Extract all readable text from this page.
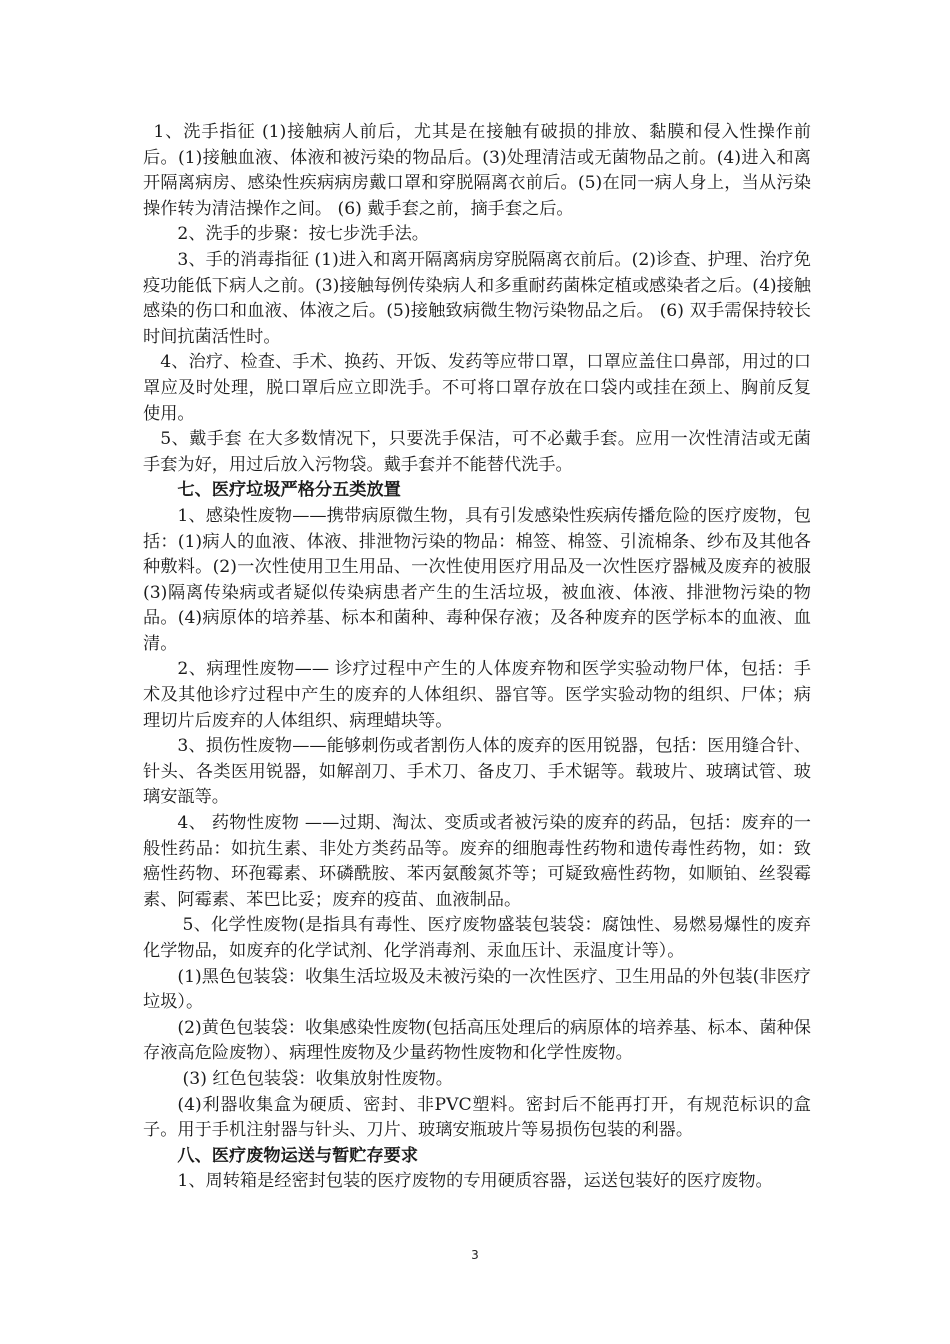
1、洗手指征 (1)接触病人前后，尤其是在接触有破损的排放、黏膜和侵入性操作前后。(1)接触血液、体液和被污染的物品后。(3)处理清洁或无菌物品之前。(4)进入和离开隔离病房、感染性疾病病房戴口罩和穿脱隔离衣前后。(5)在同一病人身上，当从污染操作转为清洁操作之间。 (6) 戴手套之前，摘手套之后。

2、洗手的步聚：按七步洗手法。

3、手的消毒指征 (1)进入和离开隔离病房穿脱隔离衣前后。(2)诊查、护理、治疗免疫功能低下病人之前。(3)接触每例传染病人和多重耐药菌株定植或感染者之后。(4)接触感染的伤口和血液、体液之后。(5)接触致病微生物污染物品之后。 (6) 双手需保持较长时间抗菌活性时。

4、治疗、检查、手术、换药、开饭、发药等应带口罩，口罩应盖住口鼻部，用过的口罩应及时处理，脱口罩后应立即洗手。不可将口罩存放在口袋内或挂在颈上、胸前反复使用。

5、戴手套 在大多数情况下，只要洗手保洁，可不必戴手套。应用一次性清洁或无菌手套为好，用过后放入污物袋。戴手套并不能替代洗手。

七、医疗垃圾严格分五类放置

1、感染性废物——携带病原微生物，具有引发感染性疾病传播危险的医疗废物，包括：(1)病人的血液、体液、排泄物污染的物品：棉签、棉签、引流棉条、纱布及其他各种敷料。(2)一次性使用卫生用品、一次性使用医疗用品及一次性医疗器械及废弃的被服 (3)隔离传染病或者疑似传染病患者产生的生活垃圾，被血液、体液、排泄物污染的物品。(4)病原体的培养基、标本和菌种、毒种保存液；及各种废弃的医学标本的血液、血清。

2、病理性废物—— 诊疗过程中产生的人体废弃物和医学实验动物尸体，包括：手术及其他诊疗过程中产生的废弃的人体组织、器官等。医学实验动物的组织、尸体；病理切片后废弃的人体组织、病理蜡块等。

3、损伤性废物——能够刺伤或者割伤人体的废弃的医用锐器，包括：医用缝合针、针头、各类医用锐器，如解剖刀、手术刀、备皮刀、手术锯等。载玻片、玻璃试管、玻璃安瓿等。

4、 药物性废物 ——过期、淘汰、变质或者被污染的废弃的药品，包括：废弃的一般性药品：如抗生素、非处方类药品等。废弃的细胞毒性药物和遗传毒性药物，如：致癌性药物、环孢霉素、环磷酰胺、苯丙氨酸氮芥等；可疑致癌性药物，如顺铂、丝裂霉素、阿霉素、苯巴比妥；废弃的疫苗、血液制品。

5、化学性废物(是指具有毒性、医疗废物盛装包装袋：腐蚀性、易燃易爆性的废弃化学物品，如废弃的化学试剂、化学消毒剂、汞血压计、汞温度计等）。

(1)黑色包装袋：收集生活垃圾及未被污染的一次性医疗、卫生用品的外包装(非医疗垃圾）。

(2)黄色包装袋：收集感染性废物(包括高压处理后的病原体的培养基、标本、菌种保存液高危险废物）、病理性废物及少量药物性废物和化学性废物。

(3) 红色包装袋：收集放射性废物。

(4)利器收集盒为硬质、密封、非PVC塑料。密封后不能再打开，有规范标识的盒子。用于手机注射器与针头、刀片、玻璃安瓶玻片等易损伤包装的利器。

八、医疗废物运送与暂贮存要求

1、周转箱是经密封包装的医疗废物的专用硬质容器，运送包装好的医疗废物。

3
